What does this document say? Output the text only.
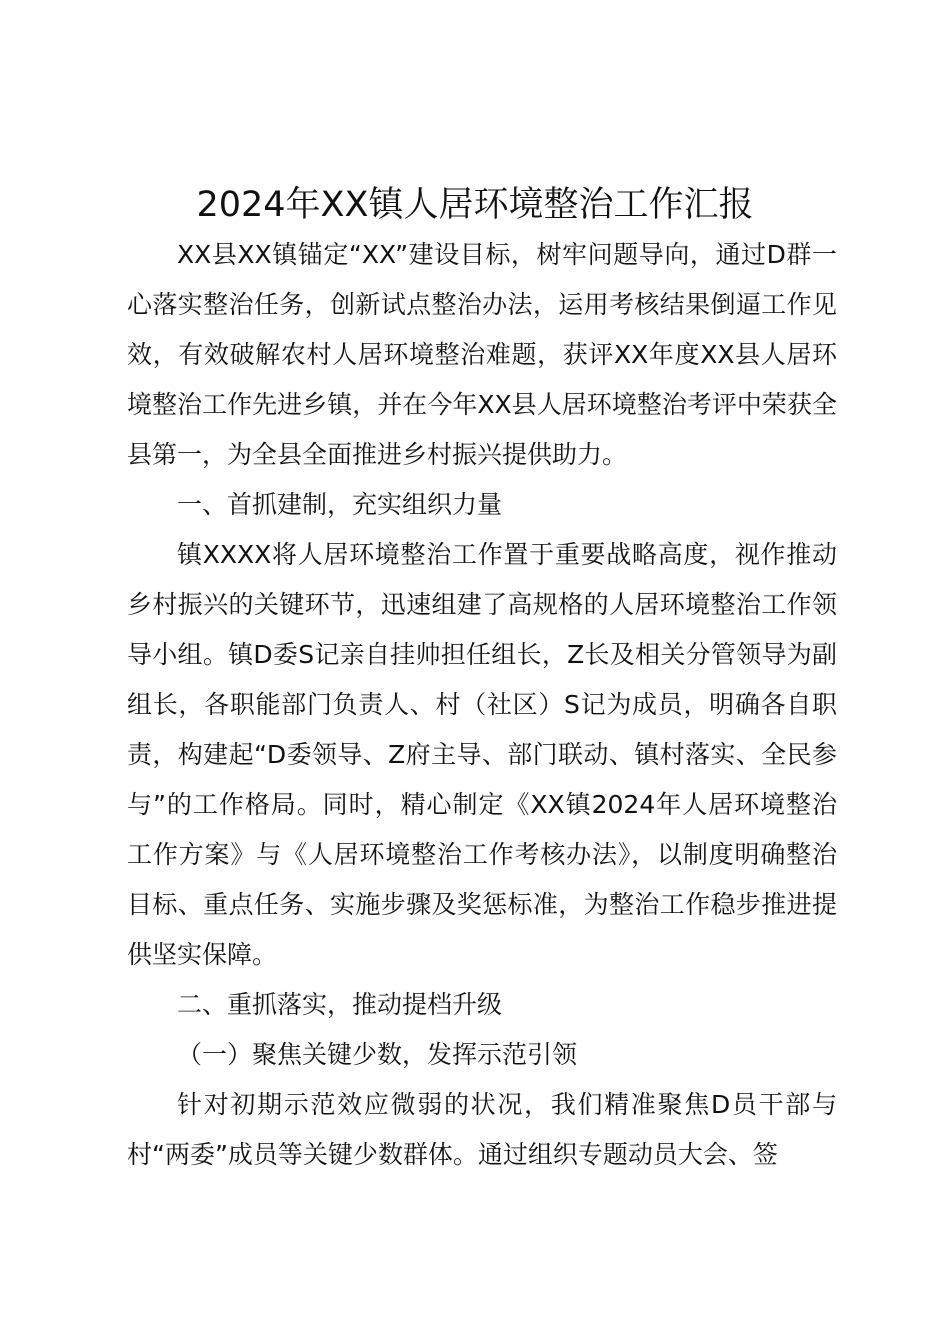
2024年XX镇人居环境整治工作汇报

XX县XX镇锚定“XX”建设目标，树牢问题导向，通过D群一心落实整治任务，创新试点整治办法，运用考核结果倒逼工作见效，有效破解农村人居环境整治难题，获评XX年度XX县人居环境整治工作先进乡镇，并在今年XX县人居环境整治考评中荣获全县第一，为全县全面推进乡村振兴提供助力。

一、首抓建制，充实组织力量

镇XXXX将人居环境整治工作置于重要战略高度，视作推动乡村振兴的关键环节，迅速组建了高规格的人居环境整治工作领导小组。镇D委S记亲自挂帅担任组长，Z长及相关分管领导为副组长，各职能部门负责人、村（社区）S记为成员，明确各自职责，构建起“D委领导、Z府主导、部门联动、镇村落实、全民参与”的工作格局。同时，精心制定《XX镇2024年人居环境整治工作方案》与《人居环境整治工作考核办法》，以制度明确整治目标、重点任务、实施步骤及奖惩标准，为整治工作稳步推进提供坚实保障。

二、重抓落实，推动提档升级

（一）聚焦关键少数，发挥示范引领

针对初期示范效应微弱的状况，我们精准聚焦D员干部与村“两委”成员等关键少数群体。通过组织专题动员大会、签
